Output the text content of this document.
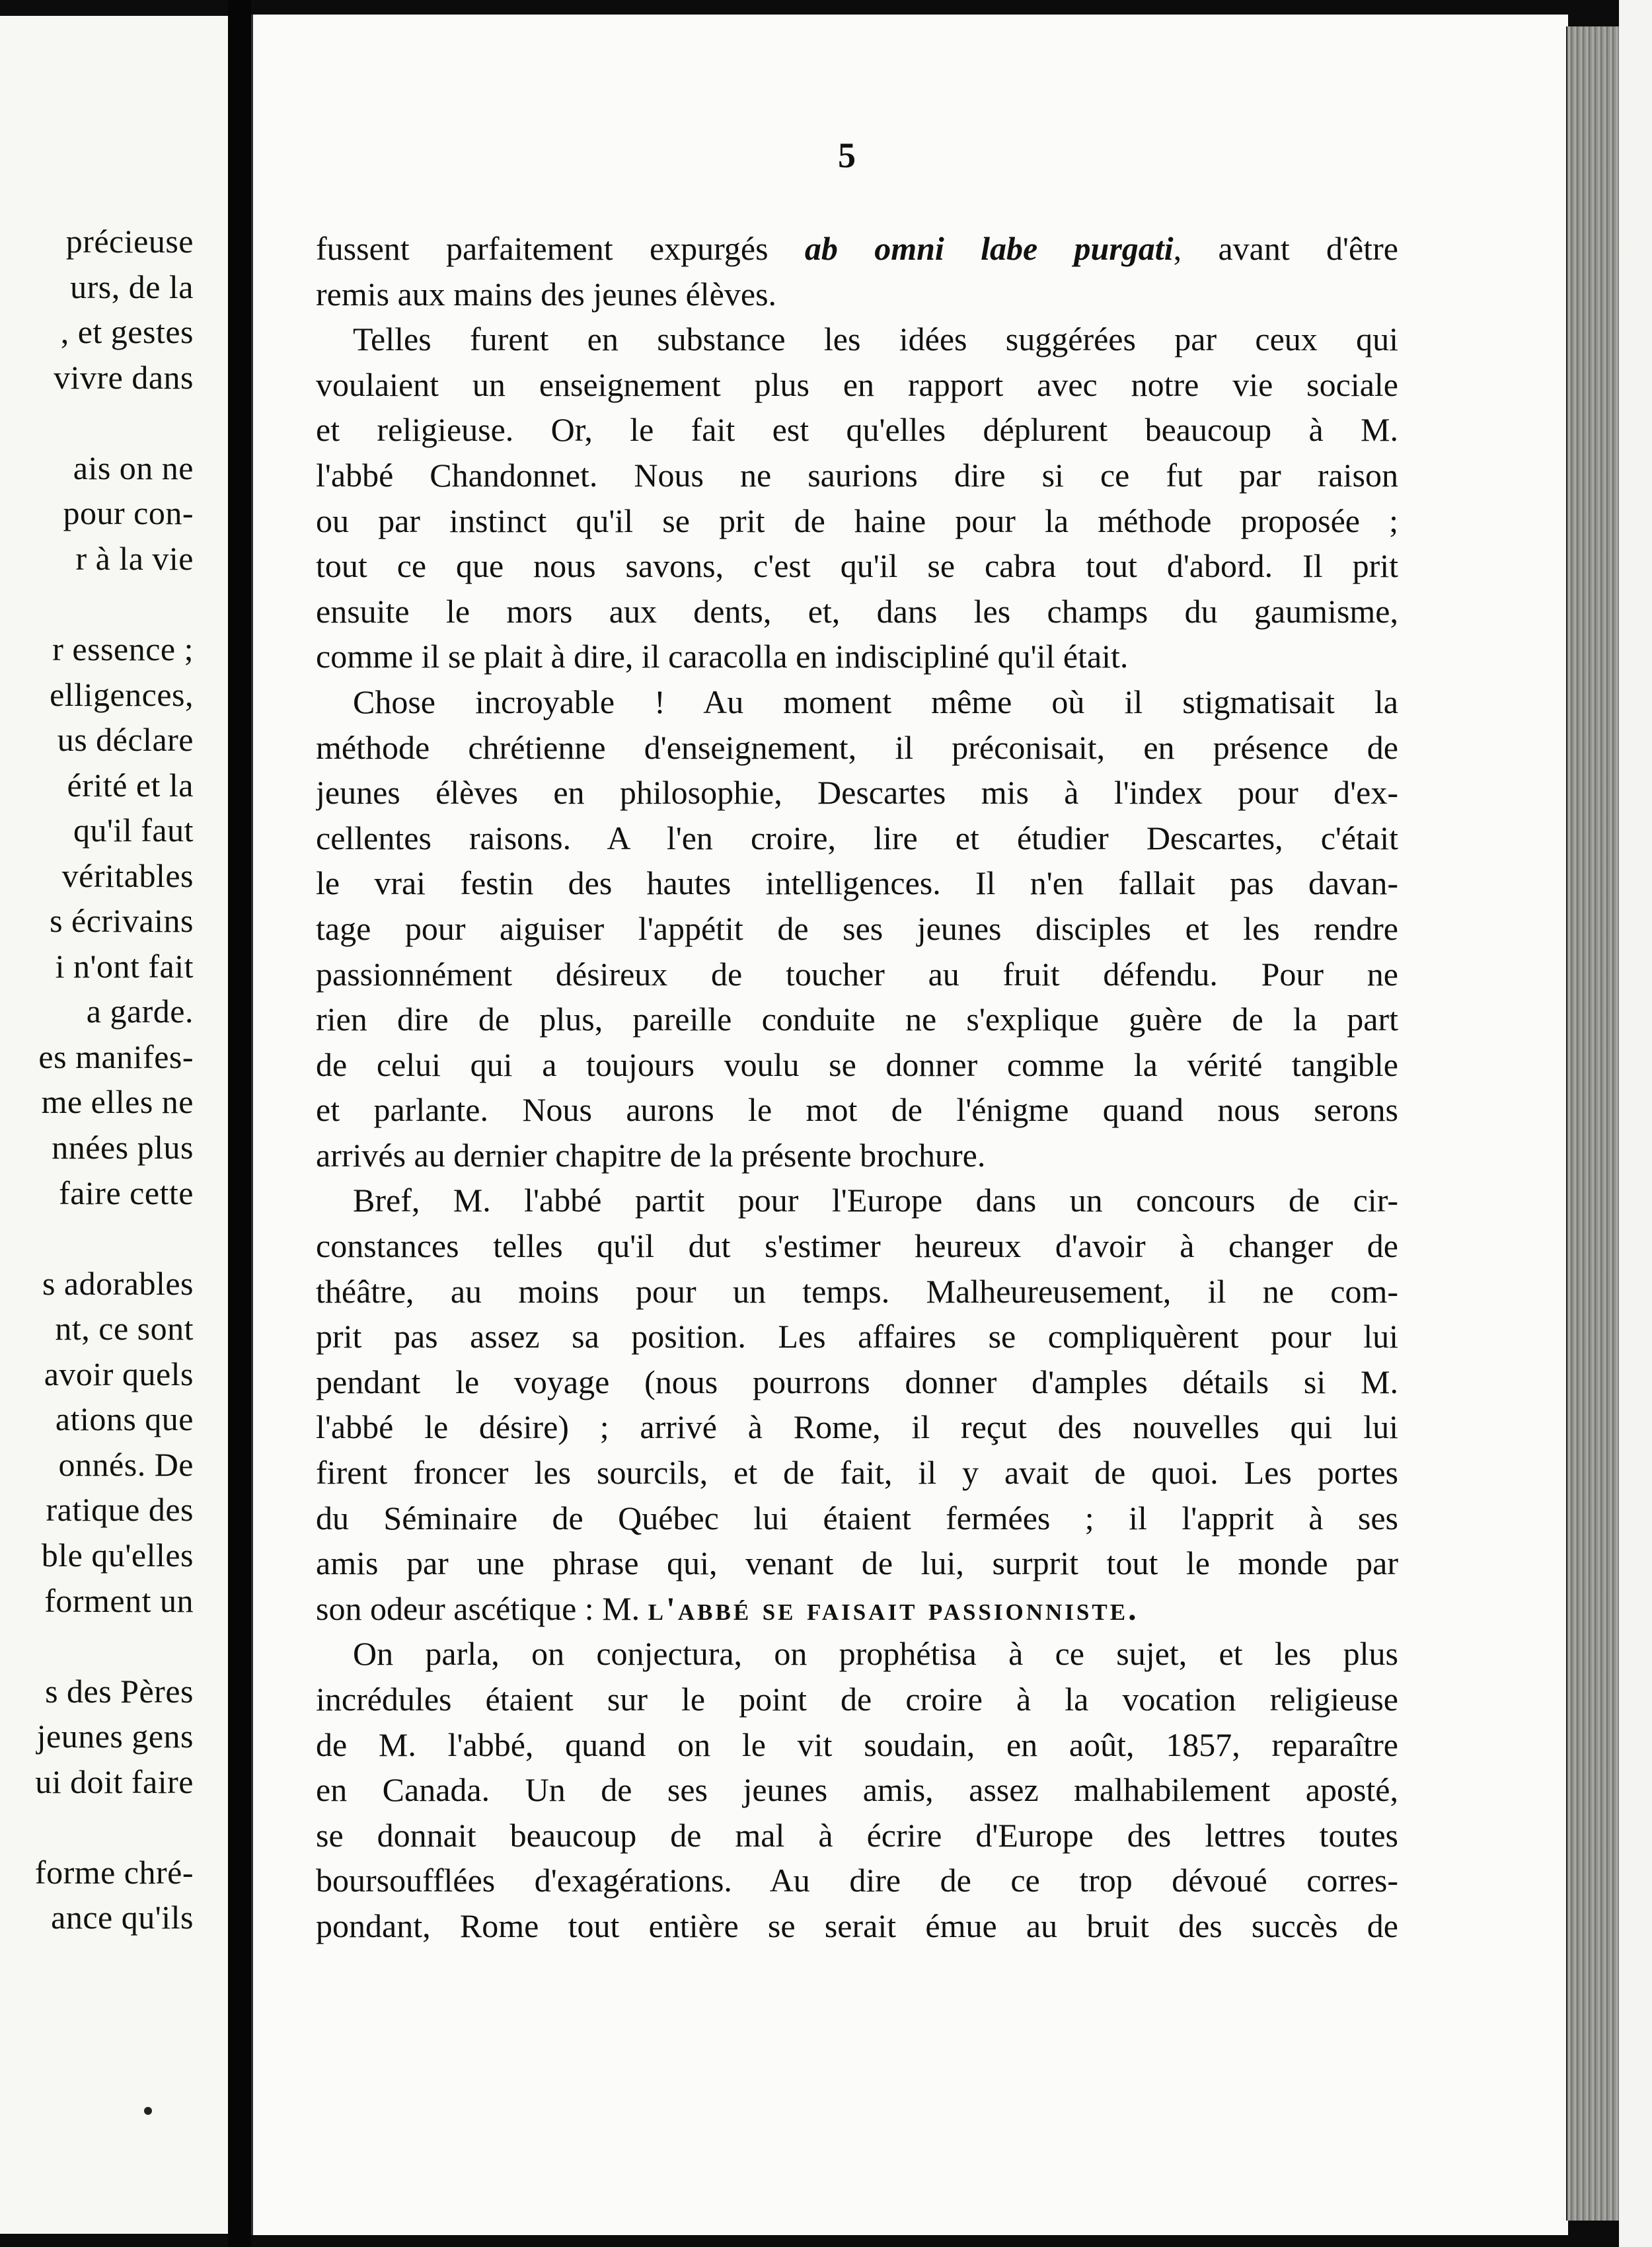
précieuse
urs, de la
, et gestes
vivre dans
ais on ne
pour con-
r à la vie
r essence ;
elligences,
us déclare
érité et la
qu'il faut
véritables
s écrivains
i n'ont fait
a garde.
es manifes-
me elles ne
nnées plus
faire cette
s adorables
nt, ce sont
avoir quels
ations que
onnés. De
ratique des
ble qu'elles
forment un
s des Pères
jeunes gens
ui doit faire
forme chré-
ance qu'ils
5
fussent parfaitement expurgés ab omni labe purgati, avant d'être
remis aux mains des jeunes élèves.
Telles furent en substance les idées suggérées par ceux qui
voulaient un enseignement plus en rapport avec notre vie sociale
et religieuse. Or, le fait est qu'elles déplurent beaucoup à M.
l'abbé Chandonnet. Nous ne saurions dire si ce fut par raison
ou par instinct qu'il se prit de haine pour la méthode proposée ;
tout ce que nous savons, c'est qu'il se cabra tout d'abord. Il prit
ensuite le mors aux dents, et, dans les champs du gaumisme,
comme il se plait à dire, il caracolla en indiscipliné qu'il était.
Chose incroyable ! Au moment même où il stigmatisait la
méthode chrétienne d'enseignement, il préconisait, en présence de
jeunes élèves en philosophie, Descartes mis à l'index pour d'ex-
cellentes raisons. A l'en croire, lire et étudier Descartes, c'était
le vrai festin des hautes intelligences. Il n'en fallait pas davan-
tage pour aiguiser l'appétit de ses jeunes disciples et les rendre
passionnément désireux de toucher au fruit défendu. Pour ne
rien dire de plus, pareille conduite ne s'explique guère de la part
de celui qui a toujours voulu se donner comme la vérité tangible
et parlante. Nous aurons le mot de l'énigme quand nous serons
arrivés au dernier chapitre de la présente brochure.
Bref, M. l'abbé partit pour l'Europe dans un concours de cir-
constances telles qu'il dut s'estimer heureux d'avoir à changer de
théâtre, au moins pour un temps. Malheureusement, il ne com-
prit pas assez sa position. Les affaires se compliquèrent pour lui
pendant le voyage (nous pourrons donner d'amples détails si M.
l'abbé le désire) ; arrivé à Rome, il reçut des nouvelles qui lui
firent froncer les sourcils, et de fait, il y avait de quoi. Les portes
du Séminaire de Québec lui étaient fermées ; il l'apprit à ses
amis par une phrase qui, venant de lui, surprit tout le monde par
son odeur ascétique : M. l'abbé se faisait passionniste.
On parla, on conjectura, on prophétisa à ce sujet, et les plus
incrédules étaient sur le point de croire à la vocation religieuse
de M. l'abbé, quand on le vit soudain, en août, 1857, reparaître
en Canada. Un de ses jeunes amis, assez malhabilement aposté,
se donnait beaucoup de mal à écrire d'Europe des lettres toutes
boursoufflées d'exagérations. Au dire de ce trop dévoué corres-
pondant, Rome tout entière se serait émue au bruit des succès de
